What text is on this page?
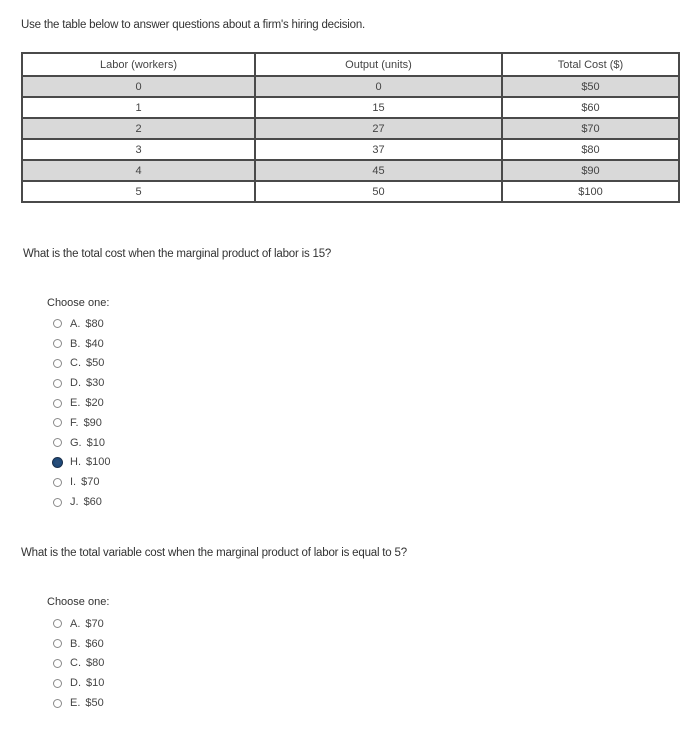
Use the table below to answer questions about a firm's hiring decision.
Labor (workers)	Output (units)	Total Cost ($)
0	0	$50
1	15	$60
2	27	$70
3	37	$80
4	45	$90
5	50	$100
What is the total cost when the marginal product of labor is 15?
Choose one:
A. $80
B. $40
C. $50
D. $30
E. $20
F. $90
G. $10
H. $100
I. $70
J. $60
What is the total variable cost when the marginal product of labor is equal to 5?
Choose one:
A. $70
B. $60
C. $80
D. $10
E. $50
